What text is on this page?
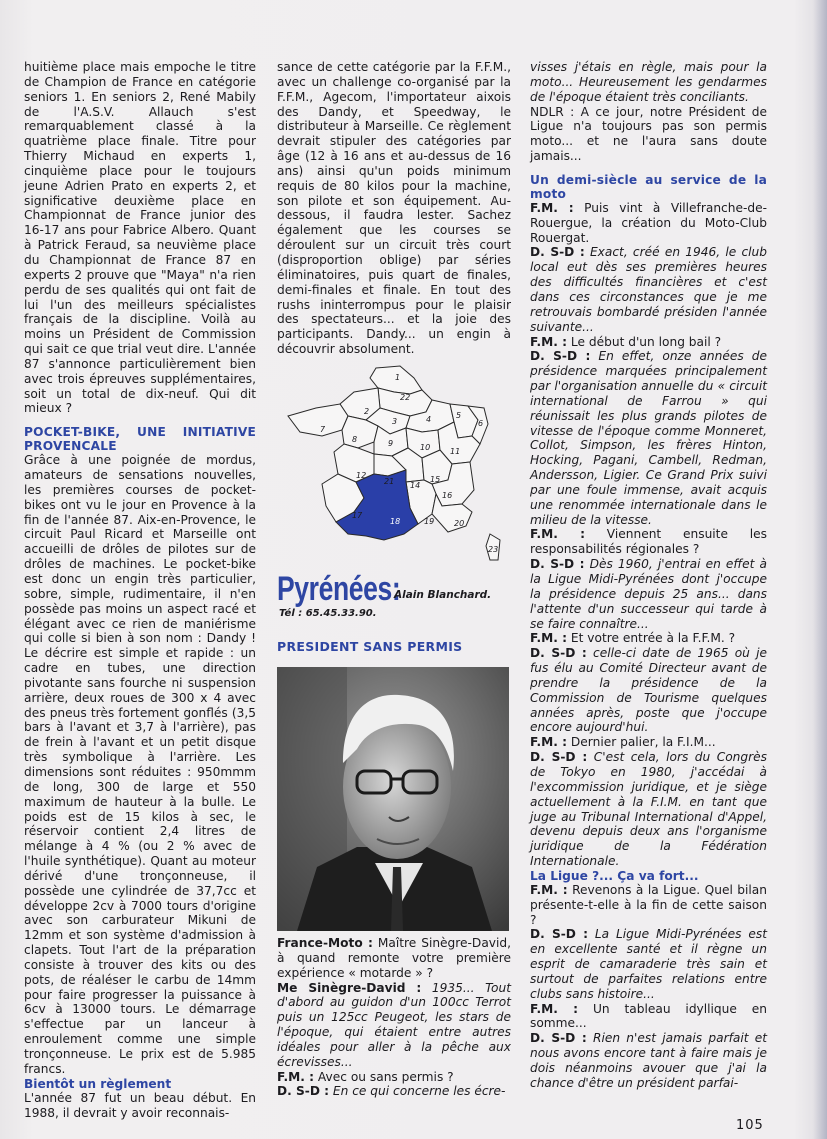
huitième place mais empoche le titre de Champion de France en catégorie seniors 1. En seniors 2, René Mabily de l'A.S.V. Allauch s'est remarquablement classé à la quatrième place finale. Titre pour Thierry Michaud en experts 1, cinquième place pour le toujours jeune Adrien Prato en experts 2, et significative deuxième place en Championnat de France junior des 16-17 ans pour Fabrice Albero. Quant à Patrick Feraud, sa neuvième place du Championnat de France 87 en experts 2 prouve que "Maya" n'a rien perdu de ses qualités qui ont fait de lui l'un des meilleurs spécialistes français de la discipline. Voilà au moins un Président de Commission qui sait ce que trial veut dire. L'année 87 s'annonce particulièrement bien avec trois épreuves supplémentaires, soit un total de dix-neuf. Qui dit mieux ?

POCKET-BIKE, UNE INITIATIVE PROVENCALE

Grâce à une poignée de mordus, amateurs de sensations nouvelles, les premières courses de pocket-bikes ont vu le jour en Provence à la fin de l'année 87. Aix-en-Provence, le circuit Paul Ricard et Marseille ont accueilli de drôles de pilotes sur de drôles de machines. Le pocket-bike est donc un engin très particulier, sobre, simple, rudimentaire, il n'en possède pas moins un aspect racé et élégant avec ce rien de maniérisme qui colle si bien à son nom : Dandy ! Le décrire est simple et rapide : un cadre en tubes, une direction pivotante sans fourche ni suspension arrière, deux roues de 300 x 4 avec des pneus très fortement gonflés (3,5 bars à l'avant et 3,7 à l'arrière), pas de frein à l'avant et un petit disque très symbolique à l'arrière. Les dimensions sont réduites : 950mmm de long, 300 de large et 550 maximum de hauteur à la bulle. Le poids est de 15 kilos à sec, le réservoir contient 2,4 litres de mélange à 4 % (ou 2 % avec de l'huile synthétique). Quant au moteur dérivé d'une tronçonneuse, il possède une cylindrée de 37,7cc et développe 2cv à 7000 tours d'origine avec son carburateur Mikuni de 12mm et son système d'admission à clapets. Tout l'art de la préparation consiste à trouver des kits ou des pots, de réaléser le carbu de 14mm pour faire progresser la puissance à 6cv à 13000 tours. Le démarrage s'effectue par un lanceur à enroulement comme une simple tronçonneuse. Le prix est de 5.985 francs.

Bientôt un règlement

L'année 87 fut un beau début. En 1988, il devrait y avoir reconnais-

sance de cette catégorie par la F.F.M., avec un challenge co-organisé par la F.F.M., Agecom, l'importateur aixois des Dandy, et Speedway, le distributeur à Marseille. Ce règlement devrait stipuler des catégories par âge (12 à 16 ans et au-dessus de 16 ans) ainsi qu'un poids minimum requis de 80 kilos pour la machine, son pilote et son équipement. Au-dessous, il faudra lester. Sachez également que les courses se déroulent sur un circuit très court (disproportion oblige) par séries éliminatoires, puis quart de finales, demi-finales et finale. En tout des rushs ininterrompus pour le plaisir des spectateurs... et la joie des participants. Dandy... un engin à découvrir absolument.

1
22
2
3	4	5
6
7
8	9	10 11
12
21 14
15
16
17
18	19 20
23
Pyrénées:
Alain Blanchard.
Tél : 65.45.33.90.
PRESIDENT SANS PERMIS

France-Moto : Maître Sinègre-David, à quand remonte votre première expérience « motarde » ?

Me Sinègre-David : 1935... Tout d'abord au guidon d'un 100cc Terrot puis un 125cc Peugeot, les stars de l'époque, qui étaient entre autres idéales pour aller à la pêche aux écrevisses...

F.M. : Avec ou sans permis ?

D. S-D : En ce qui concerne les écre-

visses j'étais en règle, mais pour la moto... Heureusement les gendarmes de l'époque étaient très conciliants.

NDLR : A ce jour, notre Président de Ligue n'a toujours pas son permis moto... et ne l'aura sans doute jamais...

Un demi-siècle au service de la moto

F.M. : Puis vint à Villefranche-de-Rouergue, la création du Moto-Club Rouergat.

D. S-D : Exact, créé en 1946, le club local eut dès ses premières heures des difficultés financières et c'est dans ces circonstances que je me retrouvais bombardé présiden l'année suivante...

F.M. : Le début d'un long bail ?

D. S-D : En effet, onze années de présidence marquées principalement par l'organisation annuelle du « circuit international de Farrou » qui réunissait les plus grands pilotes de vitesse de l'époque comme Monneret, Collot, Simpson, les frères Hinton, Hocking, Pagani, Cambell, Redman, Andersson, Ligier. Ce Grand Prix suivi par une foule immense, avait acquis une renommée internationale dans le milieu de la vitesse.

F.M. : Viennent ensuite les responsabilités régionales ?

D. S-D : Dès 1960, j'entrai en effet à la Ligue Midi-Pyrénées dont j'occupe la présidence depuis 25 ans... dans l'attente d'un successeur qui tarde à se faire connaître...

F.M. : Et votre entrée à la F.F.M. ?

D. S-D : celle-ci date de 1965 où je fus élu au Comité Directeur avant de prendre la présidence de la Commission de Tourisme quelques années après, poste que j'occupe encore aujourd'hui.

F.M. : Dernier palier, la F.I.M...

D. S-D : C'est cela, lors du Congrès de Tokyo en 1980, j'accédai à l'excommission juridique, et je siège actuellement à la F.I.M. en tant que juge au Tribunal International d'Appel, devenu depuis deux ans l'organisme juridique de la Fédération Internationale.

La Ligue ?... Ça va fort...

F.M. : Revenons à la Ligue. Quel bilan présente-t-elle à la fin de cette saison ?

D. S-D : La Ligue Midi-Pyrénées est en excellente santé et il règne un esprit de camaraderie très sain et surtout de parfaites relations entre clubs sans histoire...

F.M. : Un tableau idyllique en somme...

D. S-D : Rien n'est jamais parfait et nous avons encore tant à faire mais je dois néanmoins avouer que j'ai la chance d'être un président parfai-

105
